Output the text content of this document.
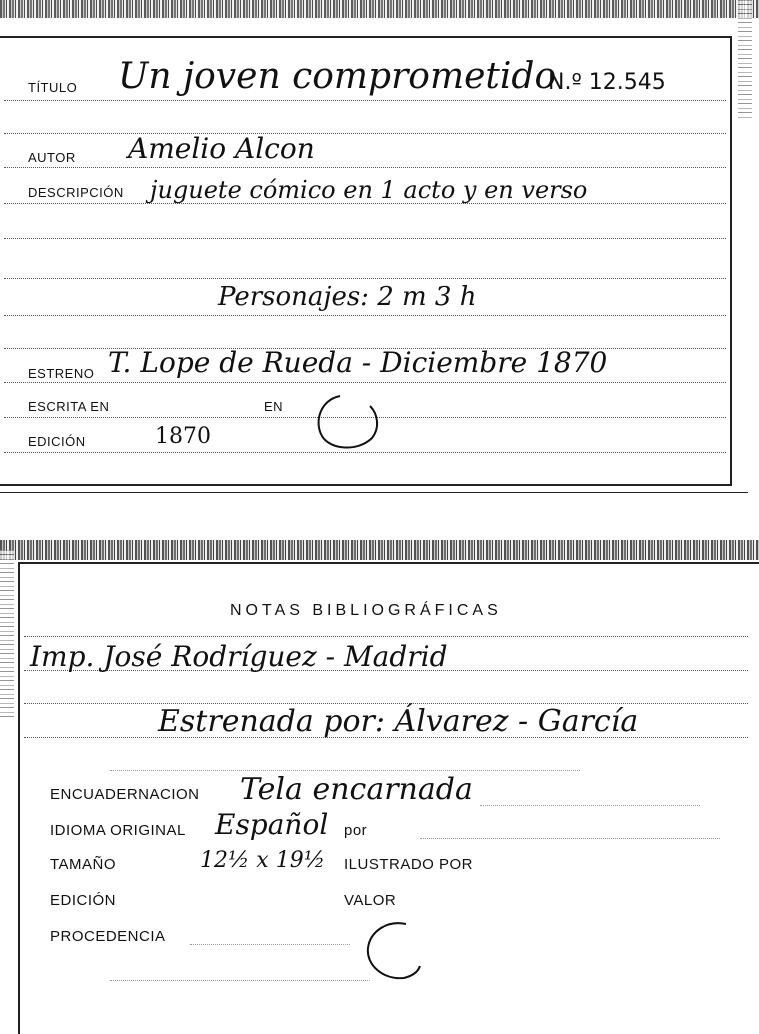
TÍTULO Un joven comprometido
N.º 12.545
AUTOR Amelio Alcon
DESCRIPCIÓN juguete cómico en 1 acto y en verso
Personajes: 2 m 3 h
ESTRENO T. Lope de Rueda - Diciembre 1870
ESCRITA EN	EN
EDICIÓN	1870
NOTAS BIBLIOGRÁFICAS
Imp. José Rodríguez - Madrid
Estrenada por: Álvarez - García
ENCUADERNACION Tela encarnada
IDIOMA ORIGINAL Español por
TAMAÑO	12½ x 19½ ILUSTRADO POR
EDICIÓN	VALOR
PROCEDENCIA
